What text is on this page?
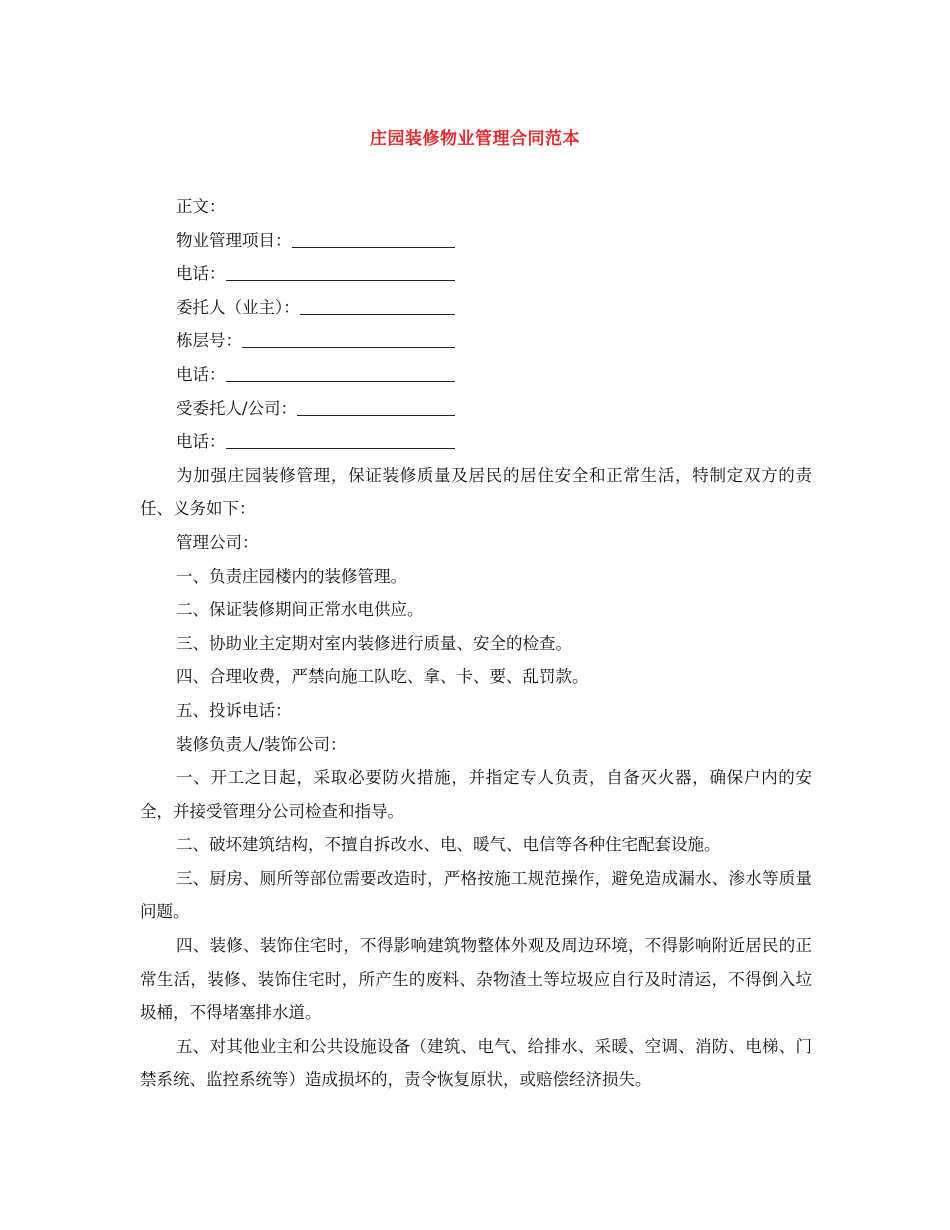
庄园装修物业管理合同范本
正文：
物业管理项目：
电话：
委托人（业主）：
栋层号：
电话：
受委托人/公司：
电话：

为加强庄园装修管理，保证装修质量及居民的居住安全和正常生活，特制定双方的责任、义务如下：

管理公司：

一、负责庄园楼内的装修管理。

二、保证装修期间正常水电供应。

三、协助业主定期对室内装修进行质量、安全的检查。

四、合理收费，严禁向施工队吃、拿、卡、要、乱罚款。

五、投诉电话：

装修负责人/装饰公司：

一、开工之日起，采取必要防火措施，并指定专人负责，自备灭火器，确保户内的安全，并接受管理分公司检查和指导。

二、破坏建筑结构，不擅自拆改水、电、暖气、电信等各种住宅配套设施。

三、厨房、厕所等部位需要改造时，严格按施工规范操作，避免造成漏水、渗水等质量问题。

四、装修、装饰住宅时，不得影响建筑物整体外观及周边环境，不得影响附近居民的正常生活，装修、装饰住宅时，所产生的废料、杂物渣土等垃圾应自行及时清运，不得倒入垃圾桶，不得堵塞排水道。

五、对其他业主和公共设施设备（建筑、电气、给排水、采暖、空调、消防、电梯、门禁系统、监控系统等）造成损坏的，责令恢复原状，或赔偿经济损失。
